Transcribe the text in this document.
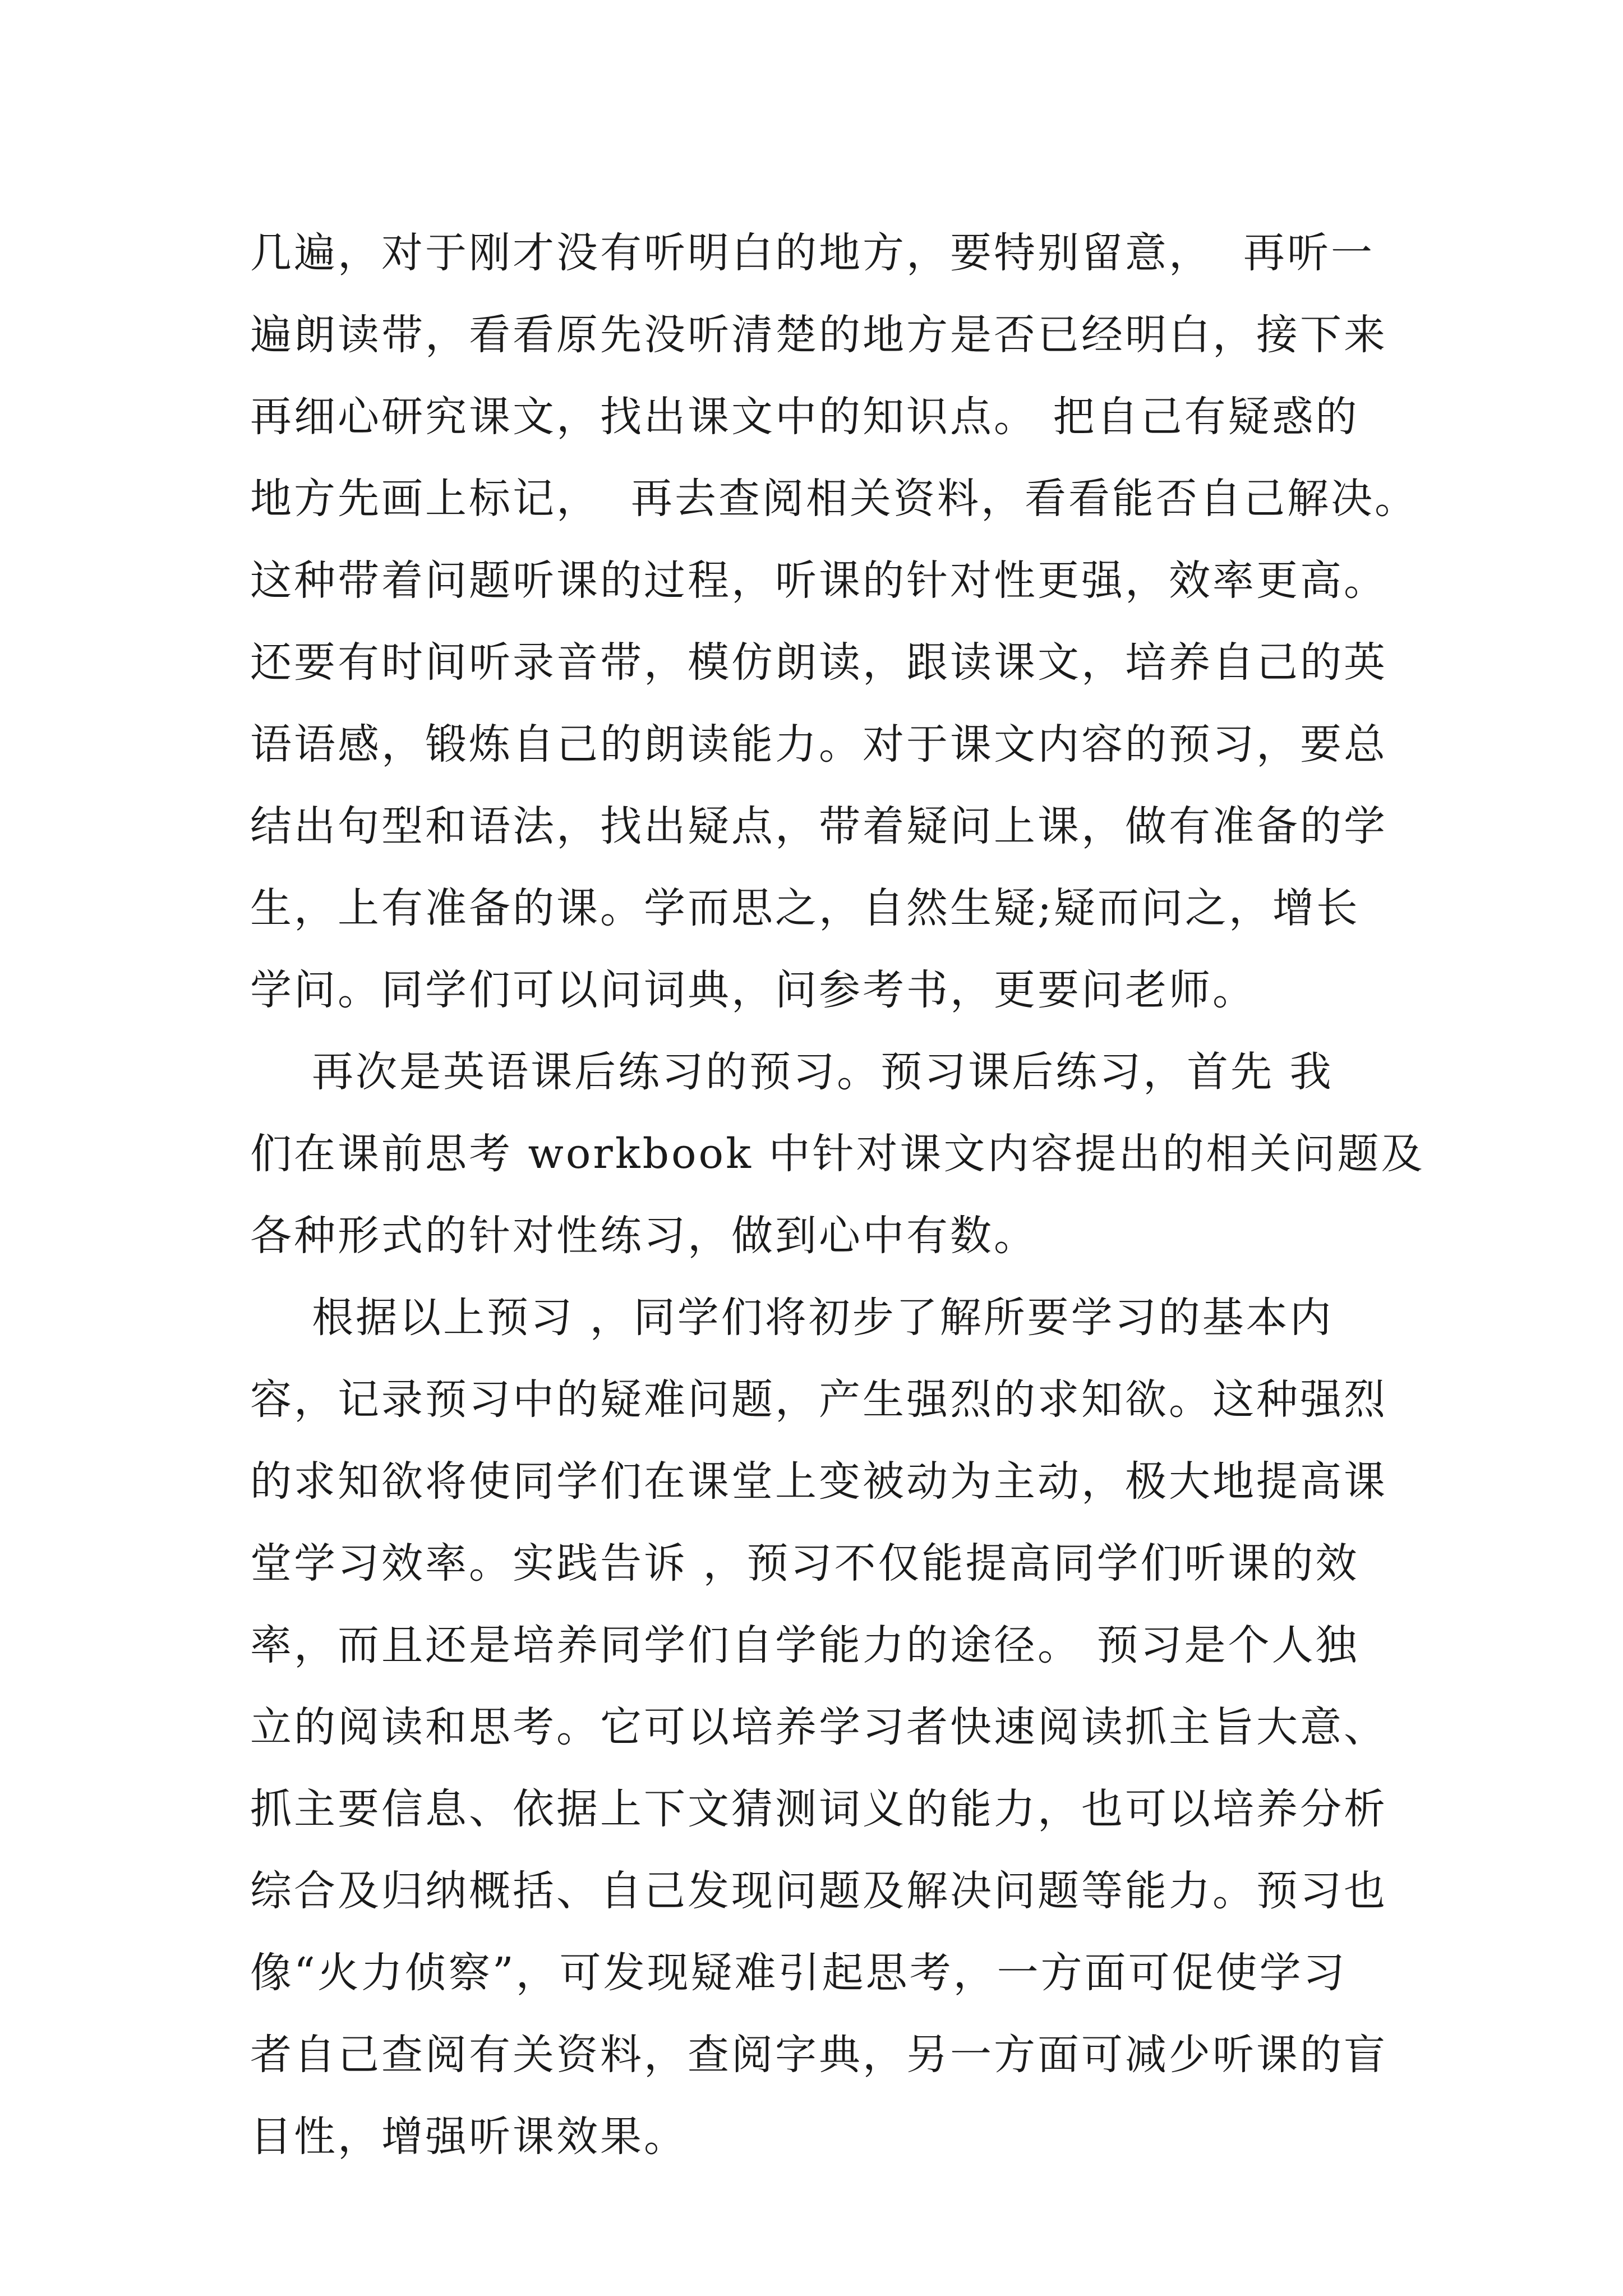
几遍，对于刚才没有听明白的地方，要特别留意，  再听一
遍朗读带，看看原先没听清楚的地方是否已经明白，接下来
再细心研究课文，找出课文中的知识点。 把自己有疑惑的
地方先画上标记，  再去查阅相关资料，看看能否自己解决。
这种带着问题听课的过程，听课的针对性更强，效率更高。
还要有时间听录音带，模仿朗读，跟读课文，培养自己的英
语语感，锻炼自己的朗读能力。对于课文内容的预习，要总
结出句型和语法，找出疑点，带着疑问上课，做有准备的学
生，上有准备的课。学而思之，自然生疑;疑而问之，增长
学问。同学们可以问词典，问参考书，更要问老师。
再次是英语课后练习的预习。预习课后练习，首先 我
们在课前思考 workbook 中针对课文内容提出的相关问题及
各种形式的针对性练习，做到心中有数。
根据以上预习 ，同学们将初步了解所要学习的基本内
容，记录预习中的疑难问题，产生强烈的求知欲。这种强烈
的求知欲将使同学们在课堂上变被动为主动，极大地提高课
堂学习效率。实践告诉 ，预习不仅能提高同学们听课的效
率，而且还是培养同学们自学能力的途径。 预习是个人独
立的阅读和思考。它可以培养学习者快速阅读抓主旨大意、
抓主要信息、依据上下文猜测词义的能力，也可以培养分析
综合及归纳概括、自己发现问题及解决问题等能力。预习也
像“火力侦察”，可发现疑难引起思考，一方面可促使学习
者自己查阅有关资料，查阅字典，另一方面可减少听课的盲
目性，增强听课效果。
